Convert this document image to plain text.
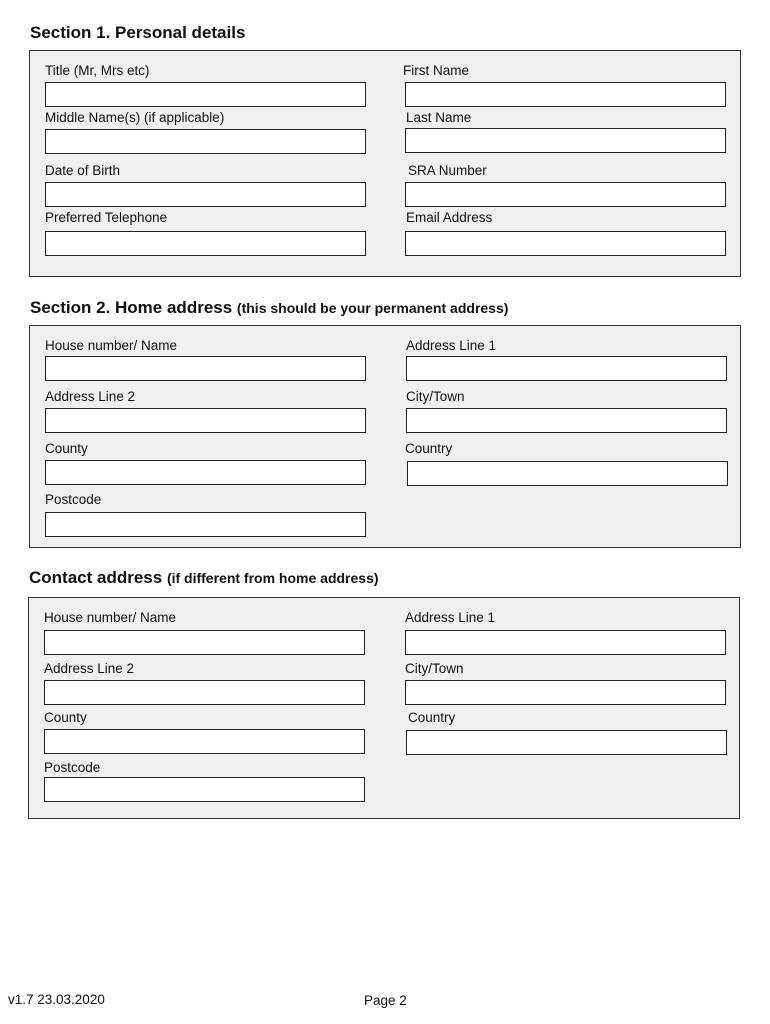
Section 1. Personal details
Title (Mr, Mrs etc)	First Name
Middle Name(s) (if applicable)	Last Name
Date of Birth	SRA Number
Preferred Telephone	Email Address
Section 2. Home address (this should be your permanent address)
House number/ Name	Address Line 1
Address Line 2	City/Town
County	Country
Postcode
Contact address (if different from home address)
House number/ Name	Address Line 1
Address Line 2	City/Town
County	Country
Postcode
v1.7 23.03.2020	Page 2
